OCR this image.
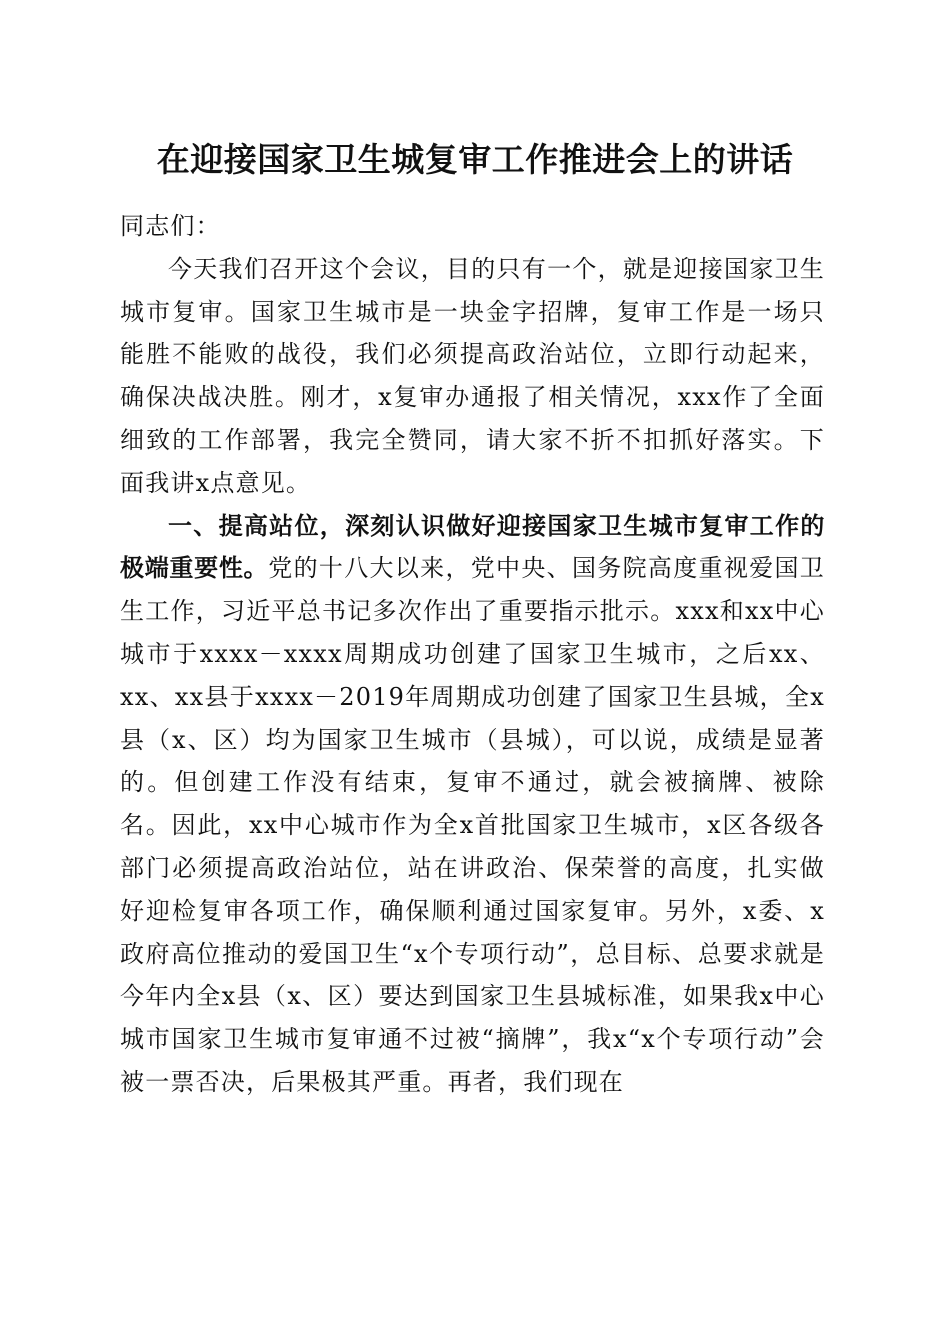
在迎接国家卫生城复审工作推进会上的讲话

同志们：

今天我们召开这个会议，目的只有一个，就是迎接国家卫生城市复审。国家卫生城市是一块金字招牌，复审工作是一场只能胜不能败的战役，我们必须提高政治站位，立即行动起来，确保决战决胜。刚才，x复审办通报了相关情况，xxx作了全面细致的工作部署，我完全赞同，请大家不折不扣抓好落实。下面我讲x点意见。

一、提高站位，深刻认识做好迎接国家卫生城市复审工作的极端重要性。党的十八大以来，党中央、国务院高度重视爱国卫生工作，习近平总书记多次作出了重要指示批示。xxx和xx中心城市于xxxx－xxxx周期成功创建了国家卫生城市，之后xx、xx、xx县于xxxx－2019年周期成功创建了国家卫生县城，全x县（x、区）均为国家卫生城市（县城），可以说，成绩是显著的。但创建工作没有结束，复审不通过，就会被摘牌、被除名。因此，xx中心城市作为全x首批国家卫生城市，x区各级各部门必须提高政治站位，站在讲政治、保荣誉的高度，扎实做好迎检复审各项工作，确保顺利通过国家复审。另外，x委、x政府高位推动的爱国卫生“x个专项行动”，总目标、总要求就是今年内全x县（x、区）要达到国家卫生县城标准，如果我x中心城市国家卫生城市复审通不过被“摘牌”，我x“x个专项行动”会被一票否决，后果极其严重。再者，我们现在
